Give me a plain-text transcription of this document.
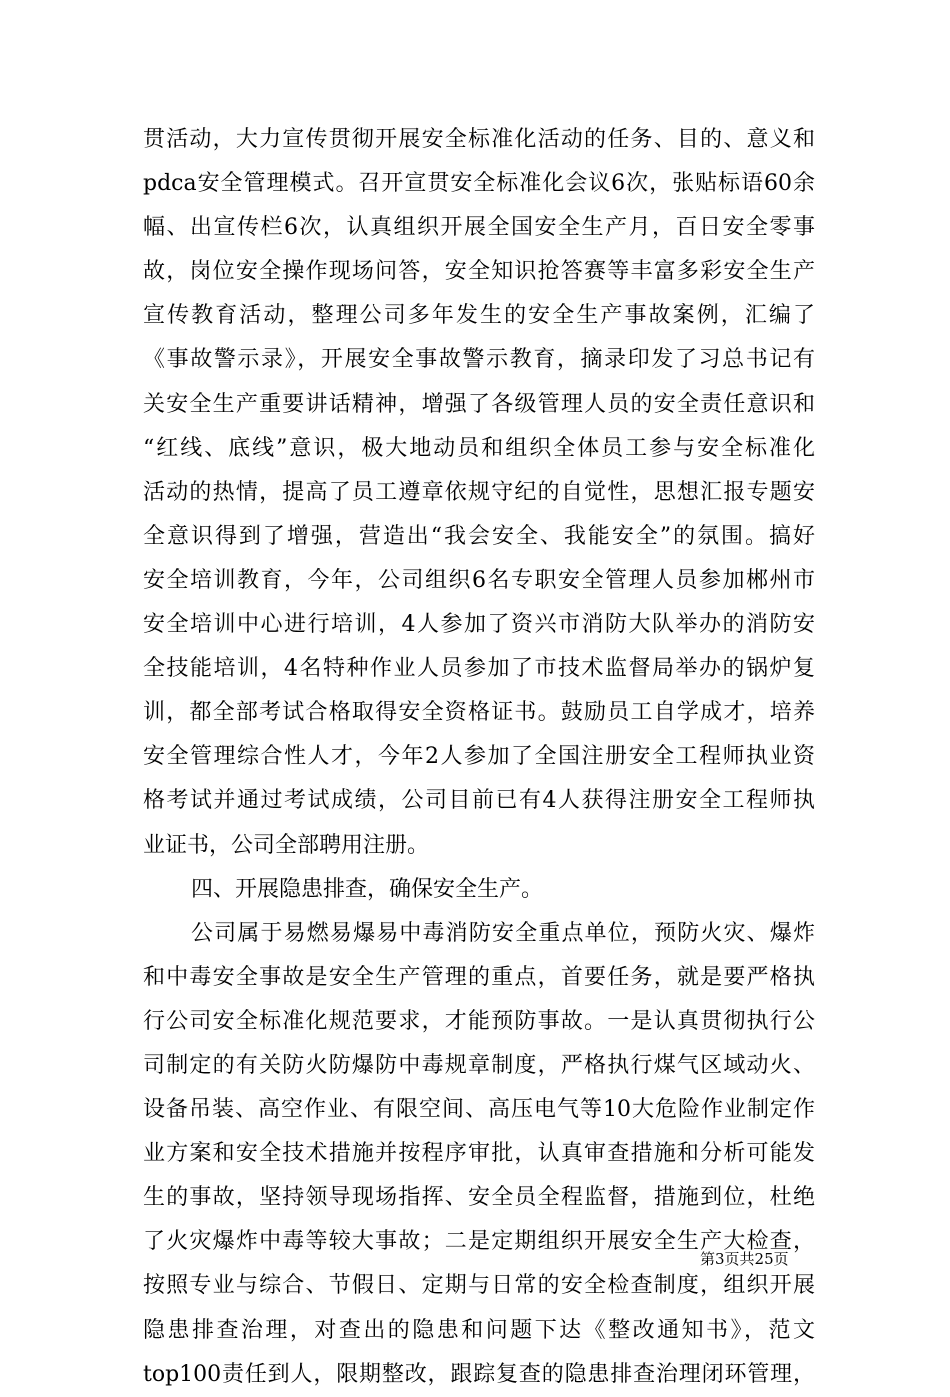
贯活动，大力宣传贯彻开展安全标准化活动的任务、目的、意义和
pdca安全管理模式。召开宣贯安全标准化会议6次，张贴标语60余
幅、出宣传栏6次，认真组织开展全国安全生产月，百日安全零事
故，岗位安全操作现场问答，安全知识抢答赛等丰富多彩安全生产
宣传教育活动，整理公司多年发生的安全生产事故案例，汇编了
《事故警示录》，开展安全事故警示教育，摘录印发了习总书记有
关安全生产重要讲话精神，增强了各级管理人员的安全责任意识和
“红线、底线”意识，极大地动员和组织全体员工参与安全标准化
活动的热情，提高了员工遵章依规守纪的自觉性，思想汇报专题安
全意识得到了增强，营造出“我会安全、我能安全”的氛围。搞好
安全培训教育，今年，公司组织6名专职安全管理人员参加郴州市
安全培训中心进行培训，4人参加了资兴市消防大队举办的消防安
全技能培训，4名特种作业人员参加了市技术监督局举办的锅炉复
训，都全部考试合格取得安全资格证书。鼓励员工自学成才，培养
安全管理综合性人才，今年2人参加了全国注册安全工程师执业资
格考试并通过考试成绩，公司目前已有4人获得注册安全工程师执
业证书，公司全部聘用注册。
四、开展隐患排查，确保安全生产。
公司属于易燃易爆易中毒消防安全重点单位，预防火灾、爆炸
和中毒安全事故是安全生产管理的重点，首要任务，就是要严格执
行公司安全标准化规范要求，才能预防事故。一是认真贯彻执行公
司制定的有关防火防爆防中毒规章制度，严格执行煤气区域动火、
设备吊装、高空作业、有限空间、高压电气等10大危险作业制定作
业方案和安全技术措施并按程序审批，认真审查措施和分析可能发
生的事故，坚持领导现场指挥、安全员全程监督，措施到位，杜绝
了火灾爆炸中毒等较大事故；二是定期组织开展安全生产大检查，
按照专业与综合、节假日、定期与日常的安全检查制度，组织开展
隐患排查治理，对查出的隐患和问题下达《整改通知书》，范文
top100责任到人，限期整改，跟踪复查的隐患排查治理闭环管理，
第3页共25页
